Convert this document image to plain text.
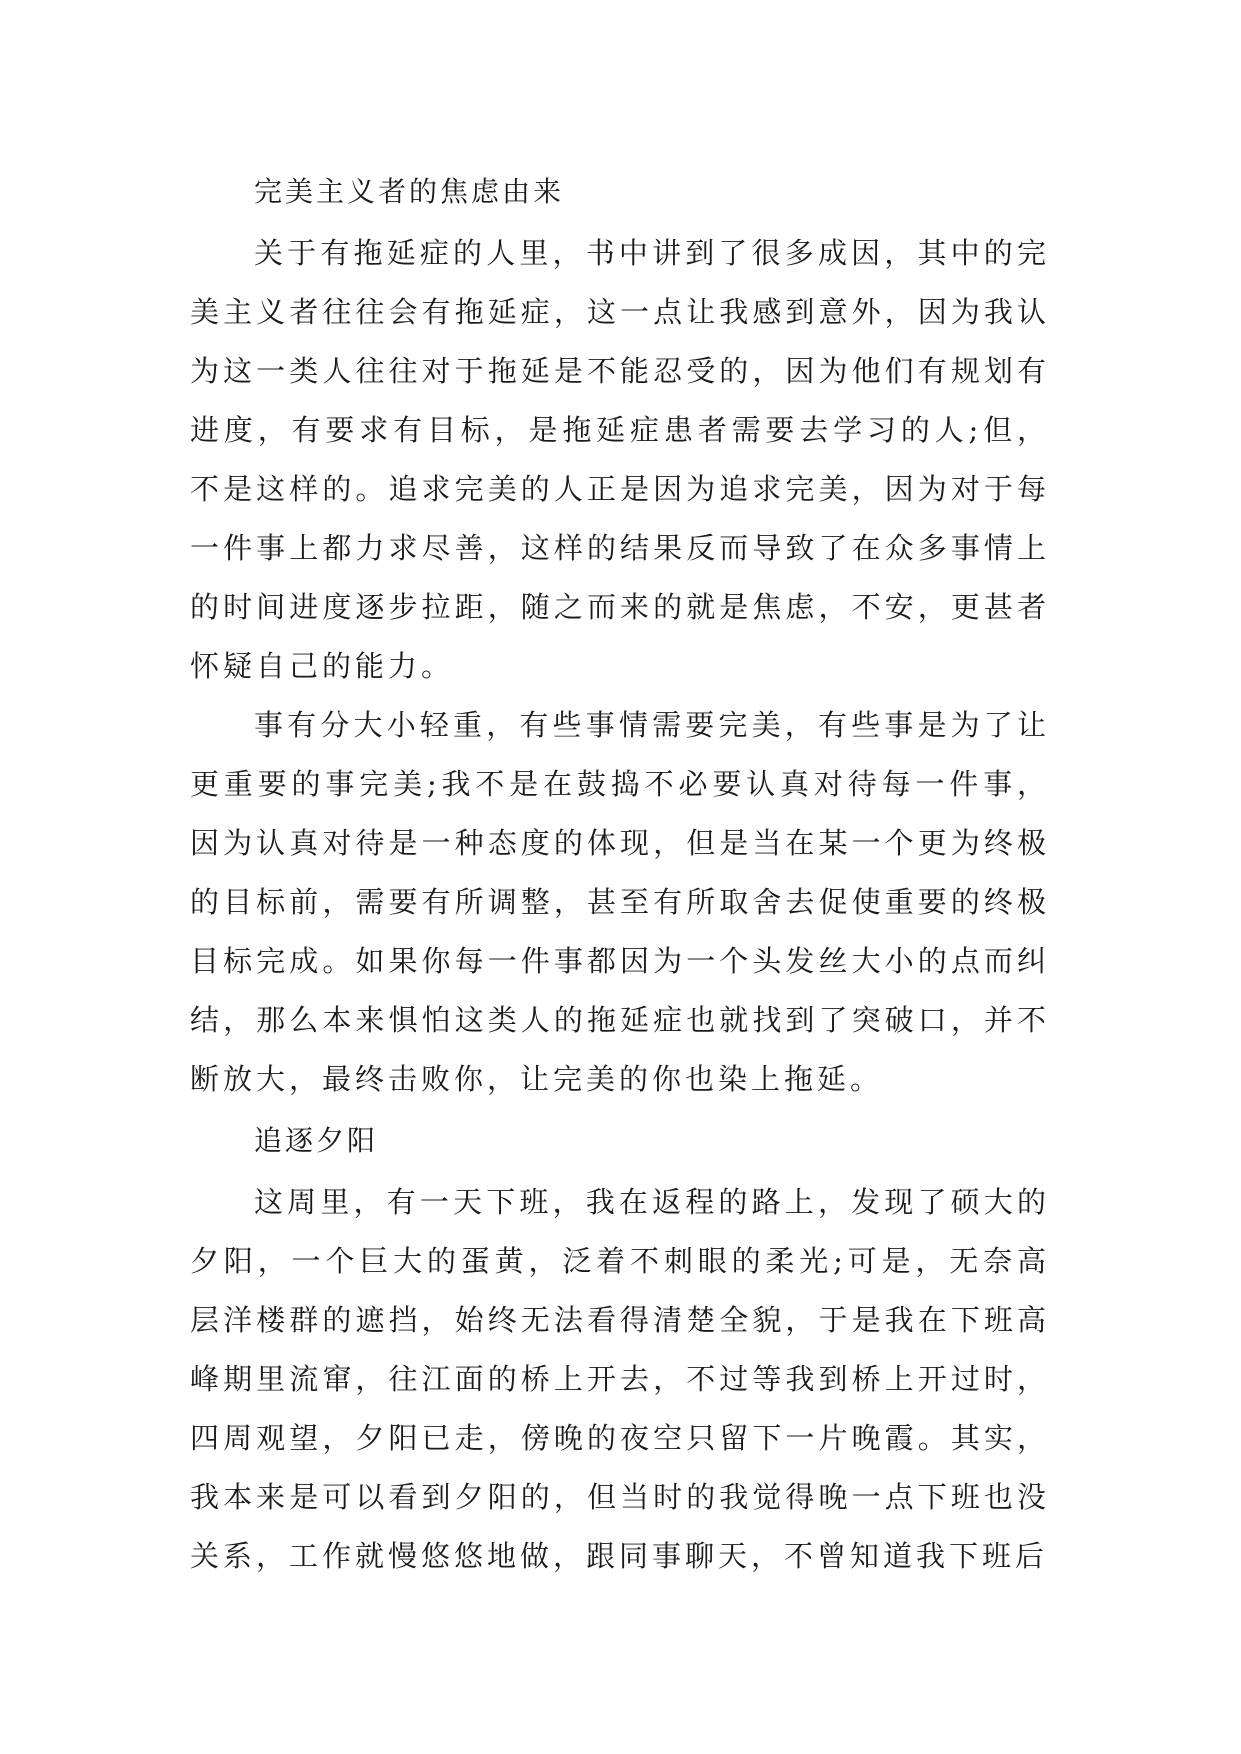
完美主义者的焦虑由来

关于有拖延症的人里，书中讲到了很多成因，其中的完美主义者往往会有拖延症，这一点让我感到意外，因为我认为这一类人往往对于拖延是不能忍受的，因为他们有规划有进度，有要求有目标，是拖延症患者需要去学习的人;但，不是这样的。追求完美的人正是因为追求完美，因为对于每一件事上都力求尽善，这样的结果反而导致了在众多事情上的时间进度逐步拉距，随之而来的就是焦虑，不安，更甚者怀疑自己的能力。

事有分大小轻重，有些事情需要完美，有些事是为了让更重要的事完美;我不是在鼓捣不必要认真对待每一件事，因为认真对待是一种态度的体现，但是当在某一个更为终极的目标前，需要有所调整，甚至有所取舍去促使重要的终极目标完成。如果你每一件事都因为一个头发丝大小的点而纠结，那么本来惧怕这类人的拖延症也就找到了突破口，并不断放大，最终击败你，让完美的你也染上拖延。

追逐夕阳

这周里，有一天下班，我在返程的路上，发现了硕大的夕阳，一个巨大的蛋黄，泛着不刺眼的柔光;可是，无奈高层洋楼群的遮挡，始终无法看得清楚全貌，于是我在下班高峰期里流窜，往江面的桥上开去，不过等我到桥上开过时，四周观望，夕阳已走，傍晚的夜空只留下一片晚霞。其实，我本来是可以看到夕阳的，但当时的我觉得晚一点下班也没关系，工作就慢悠悠地做，跟同事聊天，不曾知道我下班后
